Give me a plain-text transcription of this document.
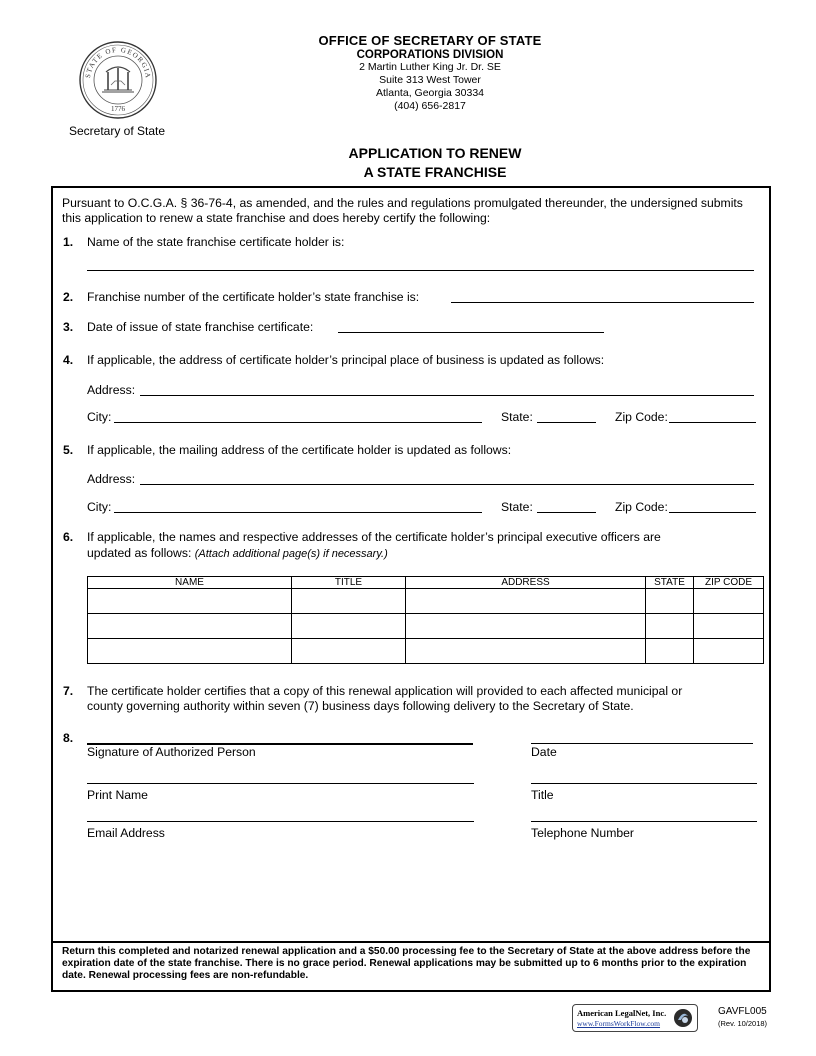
STATE OF GEORGIA
1776
Secretary of State
OFFICE OF SECRETARY OF STATE
CORPORATIONS DIVISION
2 Martin Luther King Jr. Dr. SE
Suite 313 West Tower
Atlanta, Georgia 30334
(404) 656-2817
APPLICATION TO RENEW
A STATE FRANCHISE
Pursuant to O.C.G.A. § 36-76-4, as amended, and the rules and regulations promulgated thereunder, the undersigned submits this application to renew a state franchise and does hereby certify the following:
1. Name of the state franchise certificate holder is:
2. Franchise number of the certificate holder’s state franchise is:
3. Date of issue of state franchise certificate:
4. If applicable, the address of certificate holder’s principal place of business is updated as follows:
Address:
City:	State:	Zip Code:
5. If applicable, the mailing address of the certificate holder is updated as follows:
Address:
City:	State:	Zip Code:
6. If applicable, the names and respective addresses of the certificate holder’s principal executive officers are
updated as follows: (Attach additional page(s) if necessary.)
NAME	TITLE	ADDRESS	STATE	ZIP CODE

7. The certificate holder certifies that a copy of this renewal application will provided to each affected municipal or
county governing authority within seven (7) business days following delivery to the Secretary of State.
8.
Signature of Authorized Person	Date
Print Name	Title
Email Address	Telephone Number
Return this completed and notarized renewal application and a $50.00 processing fee to the Secretary of State at the above address before the expiration date of the state franchise. There is no grace period. Renewal applications may be submitted up to 6 months prior to the expiration date. Renewal processing fees are non-refundable.
American LegalNet, Inc.
www.FormsWorkFlow.com
GAVFL005
(Rev. 10/2018)
